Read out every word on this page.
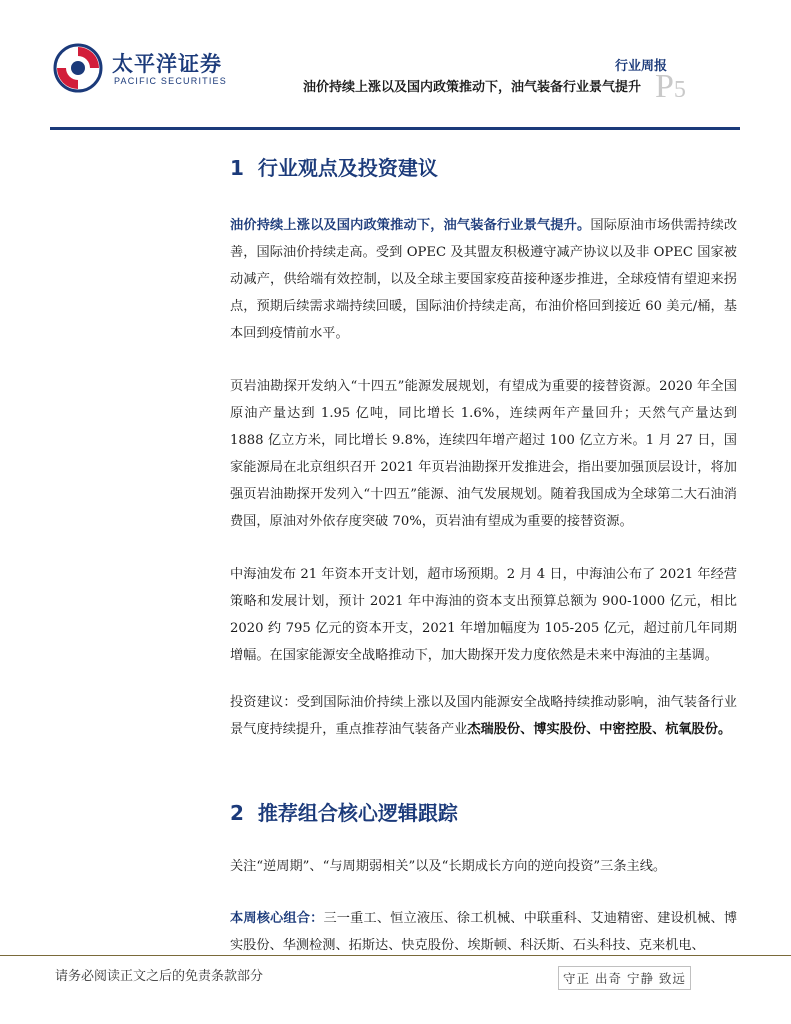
太平洋证券
PACIFIC SECURITIES
行业周报
油价持续上涨以及国内政策推动下，油气装备行业景气提升 P5
1 行业观点及投资建议
油价持续上涨以及国内政策推动下，油气装备行业景气提升。国际原油市场供需持续改善，国际油价持续走高。受到 OPEC 及其盟友积极遵守减产协议以及非 OPEC 国家被动减产，供给端有效控制，以及全球主要国家疫苗接种逐步推进，全球疫情有望迎来拐点，预期后续需求端持续回暖，国际油价持续走高，布油价格回到接近 60 美元/桶，基本回到疫情前水平。
页岩油勘探开发纳入“十四五”能源发展规划，有望成为重要的接替资源。2020 年全国原油产量达到 1.95 亿吨，同比增长 1.6%，连续两年产量回升；天然气产量达到 1888 亿立方米，同比增长 9.8%，连续四年增产超过 100 亿立方米。1 月 27 日，国家能源局在北京组织召开 2021 年页岩油勘探开发推进会，指出要加强顶层设计，将加强页岩油勘探开发列入“十四五”能源、油气发展规划。随着我国成为全球第二大石油消费国，原油对外依存度突破 70%，页岩油有望成为重要的接替资源。
中海油发布 21 年资本开支计划，超市场预期。2 月 4 日，中海油公布了 2021 年经营策略和发展计划，预计 2021 年中海油的资本支出预算总额为 900-1000 亿元，相比 2020 约 795 亿元的资本开支，2021 年增加幅度为 105-205 亿元，超过前几年同期增幅。在国家能源安全战略推动下，加大勘探开发力度依然是未来中海油的主基调。
投资建议：受到国际油价持续上涨以及国内能源安全战略持续推动影响，油气装备行业景气度持续提升，重点推荐油气装备产业杰瑞股份、博实股份、中密控股、杭氧股份。
2 推荐组合核心逻辑跟踪
关注“逆周期”、“与周期弱相关”以及“长期成长方向的逆向投资”三条主线。
本周核心组合：三一重工、恒立液压、徐工机械、中联重科、艾迪精密、建设机械、博实股份、华测检测、拓斯达、快克股份、埃斯顿、科沃斯、石头科技、克来机电、
请务必阅读正文之后的免责条款部分	守正 出奇 宁静 致远
